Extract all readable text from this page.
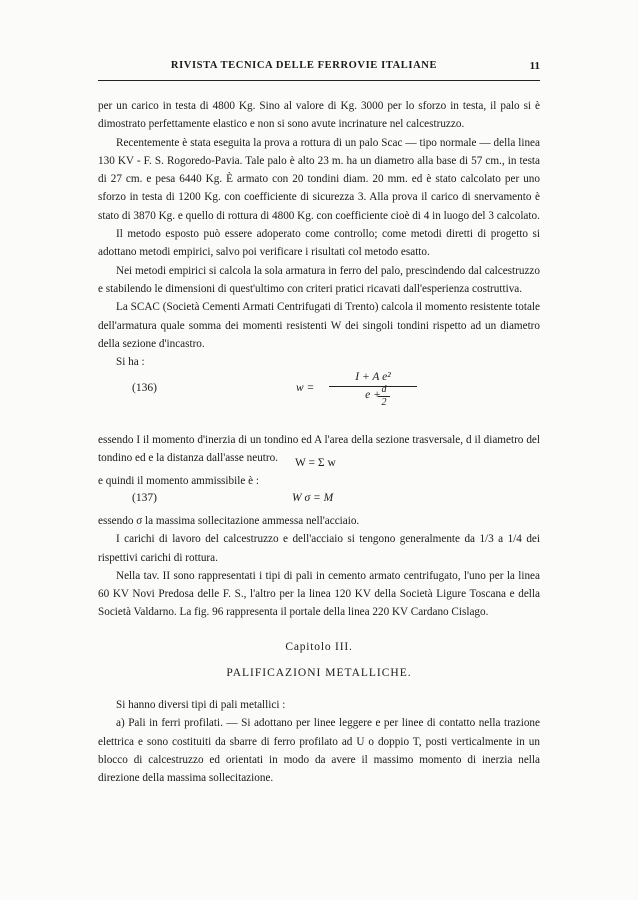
RIVISTA TECNICA DELLE FERROVIE ITALIANE	11

per un carico in testa di 4800 Kg. Sino al valore di Kg. 3000 per lo sforzo in testa, il palo si è dimostrato perfettamente elastico e non si sono avute incrinature nel calcestruzzo.

Recentemente è stata eseguita la prova a rottura di un palo Scac — tipo normale — della linea 130 KV - F. S. Rogoredo-Pavia. Tale palo è alto 23 m. ha un diametro alla base di 57 cm., in testa di 27 cm. e pesa 6440 Kg. È armato con 20 tondini diam. 20 mm. ed è stato calcolato per uno sforzo in testa di 1200 Kg. con coefficiente di sicurezza 3. Alla prova il carico di snervamento è stato di 3870 Kg. e quello di rottura di 4800 Kg. con coefficiente cioè di 4 in luogo del 3 calcolato.

Il metodo esposto può essere adoperato come controllo; come metodi diretti di progetto si adottano metodi empirici, salvo poi verificare i risultati col metodo esatto.

Nei metodi empirici si calcola la sola armatura in ferro del palo, prescindendo dal calcestruzzo e stabilendo le dimensioni di quest'ultimo con criteri pratici ricavati dall'esperienza costruttiva.

La SCAC (Società Cementi Armati Centrifugati di Trento) calcola il momento resistente totale dell'armatura quale somma dei momenti resistenti W dei singoli tondini rispetto ad un diametro della sezione d'incastro.

Si ha :

(136)	w =
I + A e²
e + d
2

essendo I il momento d'inerzia di un tondino ed A l'area della sezione trasversale, d il diametro del tondino ed e la distanza dall'asse neutro.	W = Σ w

e quindi il momento ammissibile è :

(137)	W σ = M

essendo σ la massima sollecitazione ammessa nell'acciaio.

I carichi di lavoro del calcestruzzo e dell'acciaio si tengono generalmente da 1/3 a 1/4 dei rispettivi carichi di rottura.

Nella tav. II sono rappresentati i tipi di pali in cemento armato centrifugato, l'uno per la linea 60 KV Novi Predosa delle F. S., l'altro per la linea 120 KV della Società Ligure Toscana e della Società Valdarno. La fig. 96 rappresenta il portale della linea 220 KV Cardano Cislago.

Capitolo III.
PALIFICAZIONI METALLICHE.

Si hanno diversi tipi di pali metallici :

a) Pali in ferri profilati. — Si adottano per linee leggere e per linee di contatto nella trazione elettrica e sono costituiti da sbarre di ferro profilato ad U o doppio T, posti verticalmente in un blocco di calcestruzzo ed orientati in modo da avere il massimo momento di inerzia nella direzione della massima sollecitazione.
